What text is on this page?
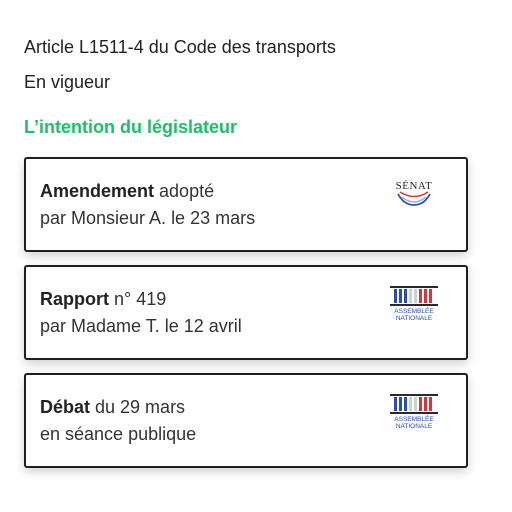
Article L1511-4 du Code des transports
En vigueur
L’intention du législateur
Amendement adopté
par Monsieur A. le 23 mars
SÉNAT
Rapport n° 419
par Madame T. le 12 avril
ASSEMBLÉE
NATIONALE
Débat du 29 mars
en séance publique
ASSEMBLÉE
NATIONALE
